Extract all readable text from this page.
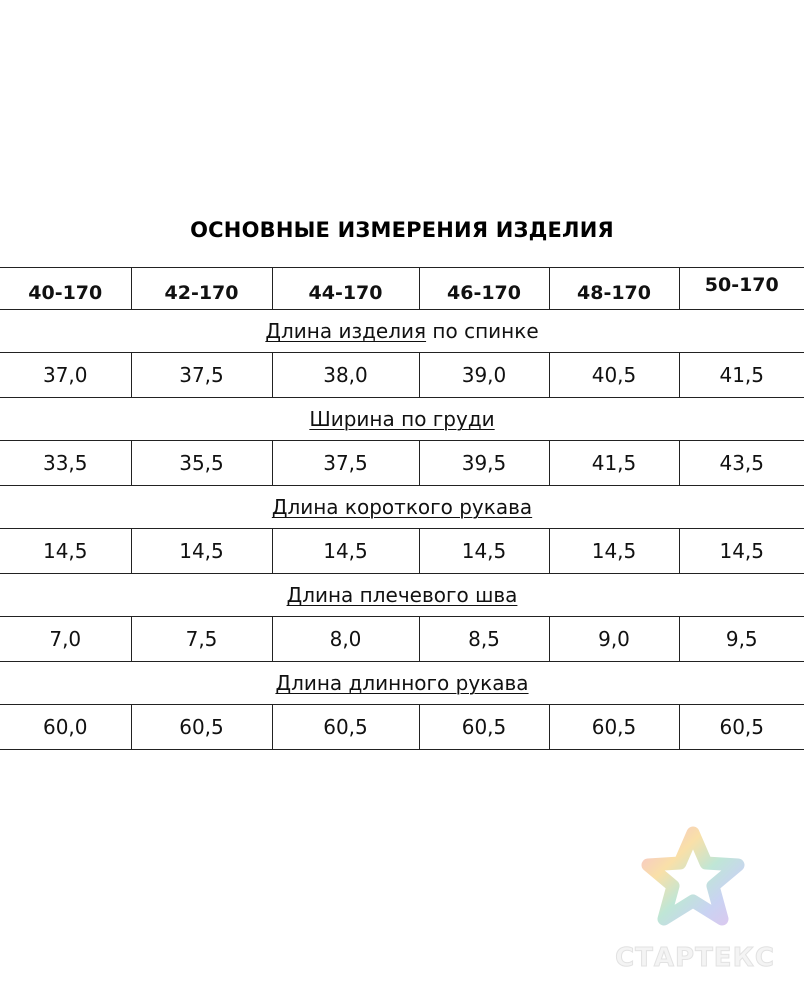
ОСНОВНЫЕ ИЗМЕРЕНИЯ ИЗДЕЛИЯ
40-170	42-170	44-170	46-170	48-170	50-170
Длина изделия по спинке					
37,0	37,5	38,0	39,0	40,5	41,5
Ширина по груди					
33,5	35,5	37,5	39,5	41,5	43,5
Длина короткого рукава					
14,5	14,5	14,5	14,5	14,5	14,5
Длина плечевого шва					
7,0	7,5	8,0	8,5	9,0	9,5
Длина длинного рукава					
60,0	60,5	60,5	60,5	60,5	60,5
СТАРТЕКС
